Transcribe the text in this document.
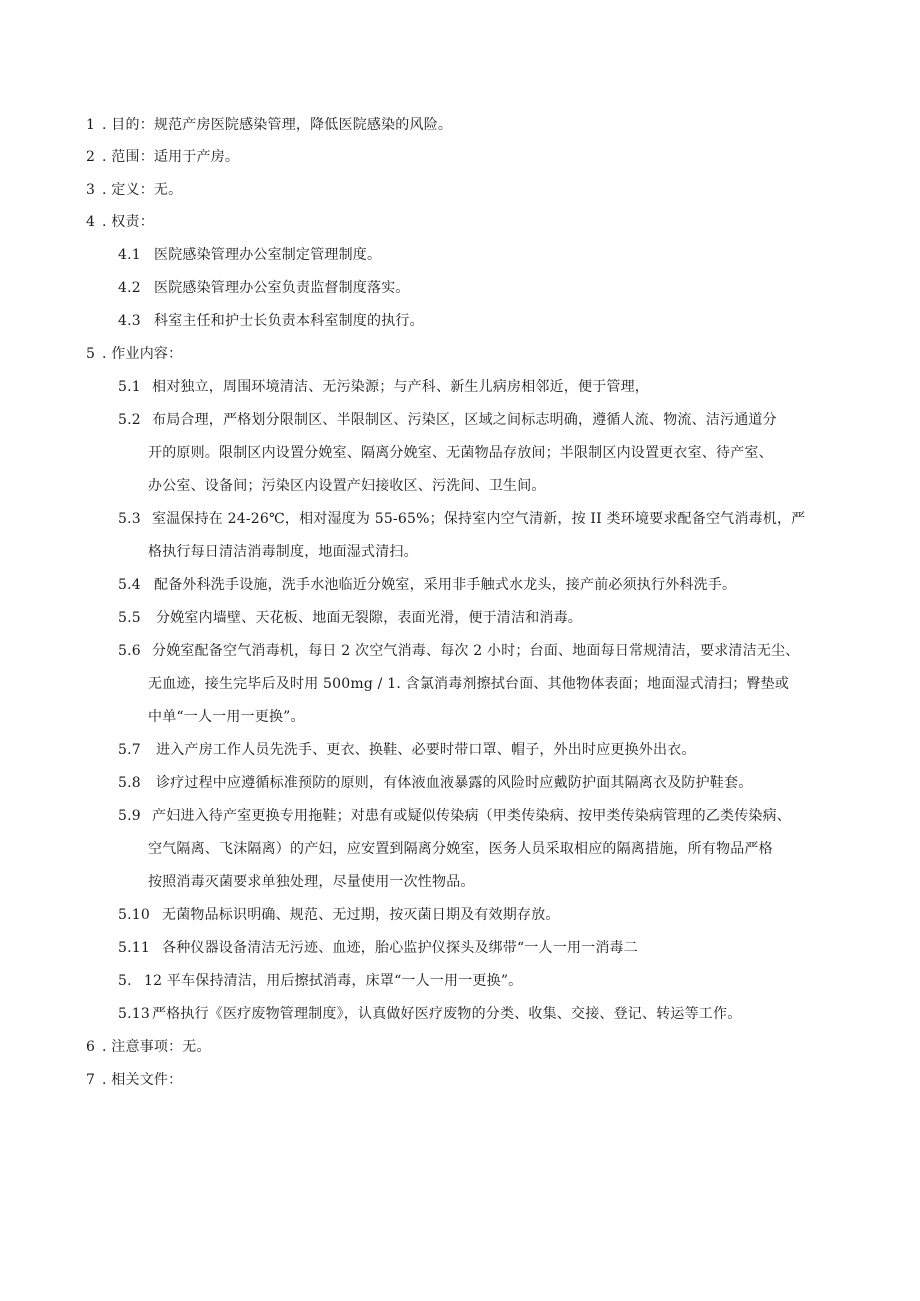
1 . 目的：规范产房医院感染管理，降低医院感染的风险。
2 . 范围：适用于产房。
3 . 定义：无。
4 . 权责：
4.1 医院感染管理办公室制定管理制度。
4.2 医院感染管理办公室负责监督制度落实。
4.3 科室主任和护士长负责本科室制度的执行。
5 . 作业内容：
5.1 相对独立，周围环境清洁、无污染源；与产科、新生儿病房相邻近，便于管理，
5.2 布局合理，严格划分限制区、半限制区、污染区，区域之间标志明确，遵循人流、物流、洁污通道分
开的原则。限制区内设置分娩室、隔离分娩室、无菌物品存放间；半限制区内设置更衣室、待产室、
办公室、设备间；污染区内设置产妇接收区、污洗间、卫生间。
5.3 室温保持在 24-26℃，相对湿度为 55-65%；保持室内空气清新，按 II 类环境要求配备空气消毒机，严
格执行每日清洁消毒制度，地面湿式清扫。
5.4 配备外科洗手设施，洗手水池临近分娩室，采用非手触式水龙头，接产前必须执行外科洗手。
5.5 分娩室内墙壁、天花板、地面无裂隙，表面光滑，便于清洁和消毒。
5.6 分娩室配备空气消毒机，每日 2 次空气消毒、每次 2 小时；台面、地面每日常规清洁，要求清洁无尘、
无血迹，接生完毕后及时用 500mg / 1. 含氯消毒剂擦拭台面、其他物体表面；地面湿式清扫；臀垫或
中单“一人一用一更换”。
5.7 进入产房工作人员先洗手、更衣、换鞋、必要时带口罩、帽子，外出时应更换外出衣。
5.8 诊疗过程中应遵循标准预防的原则，有体液血液暴露的风险时应戴防护面其隔离衣及防护鞋套。
5.9 产妇进入待产室更换专用拖鞋；对患有或疑似传染病（甲类传染病、按甲类传染病管理的乙类传染病、
空气隔离、飞沫隔离）的产妇，应安置到隔离分娩室，医务人员采取相应的隔离措施，所有物品严格
按照消毒灭菌要求单独处理，尽量使用一次性物品。
5.10 无菌物品标识明确、规范、无过期，按灭菌日期及有效期存放。
5.11 各种仪器设备清洁无污迹、血迹，胎心监护仪探头及绑带“一人一用一消毒二
5. 12 平车保持清洁，用后擦拭消毒，床罩“一人一用一更换”。
5.13 严格执行《医疗废物管理制度》，认真做好医疗废物的分类、收集、交接、登记、转运等工作。
6 . 注意事项：无。
7 . 相关文件：
